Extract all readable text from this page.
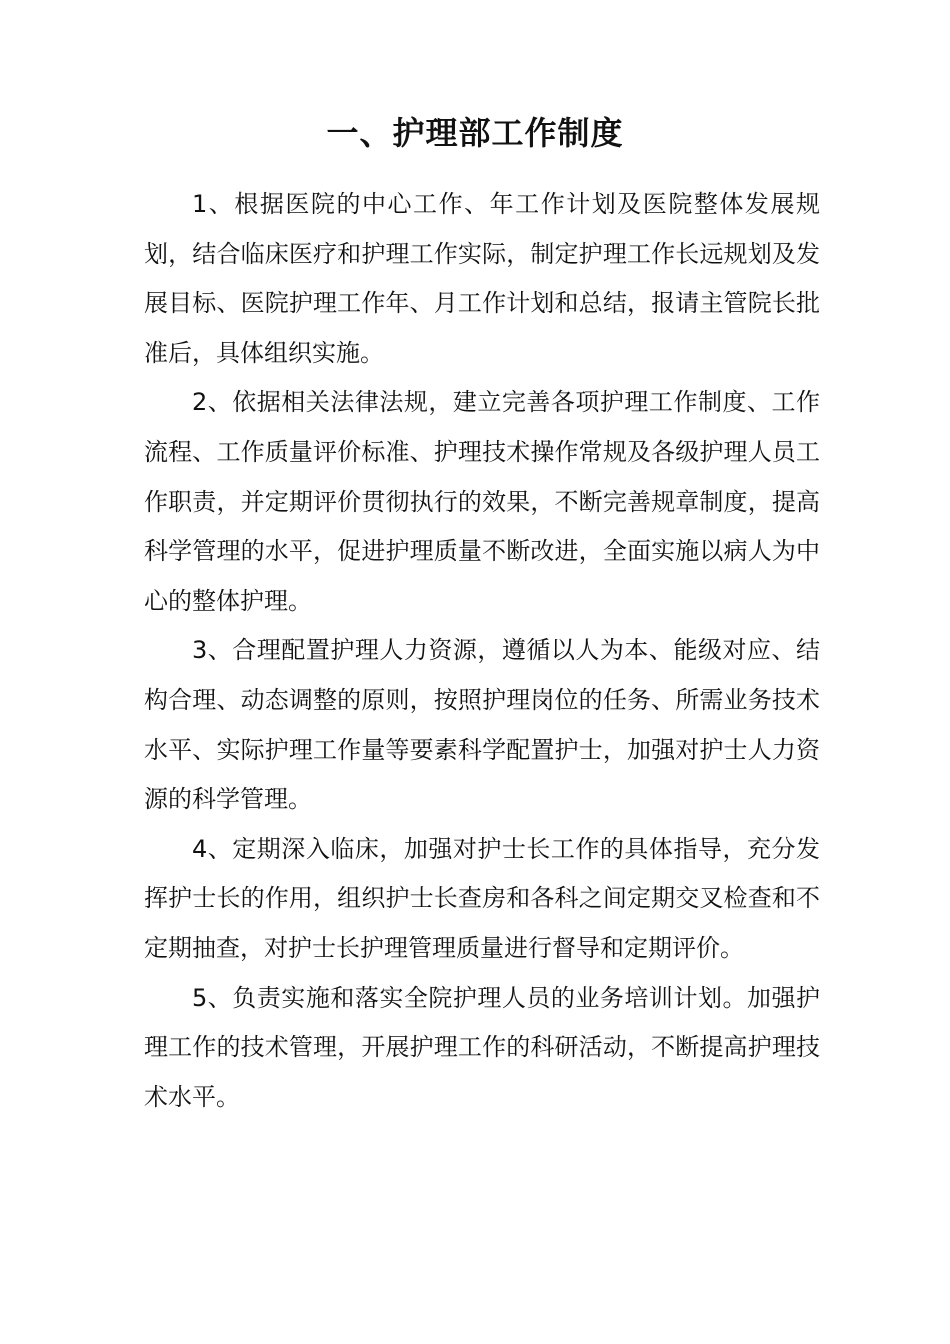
一、护理部工作制度

1、根据医院的中心工作、年工作计划及医院整体发展规划，结合临床医疗和护理工作实际，制定护理工作长远规划及发展目标、医院护理工作年、月工作计划和总结，报请主管院长批准后，具体组织实施。

2、依据相关法律法规，建立完善各项护理工作制度、工作流程、工作质量评价标准、护理技术操作常规及各级护理人员工作职责，并定期评价贯彻执行的效果，不断完善规章制度，提高科学管理的水平，促进护理质量不断改进，全面实施以病人为中心的整体护理。

3、合理配置护理人力资源，遵循以人为本、能级对应、结构合理、动态调整的原则，按照护理岗位的任务、所需业务技术水平、实际护理工作量等要素科学配置护士，加强对护士人力资源的科学管理。

4、定期深入临床，加强对护士长工作的具体指导，充分发挥护士长的作用，组织护士长查房和各科之间定期交叉检查和不定期抽查，对护士长护理管理质量进行督导和定期评价。

5、负责实施和落实全院护理人员的业务培训计划。加强护理工作的技术管理，开展护理工作的科研活动，不断提高护理技术水平。
